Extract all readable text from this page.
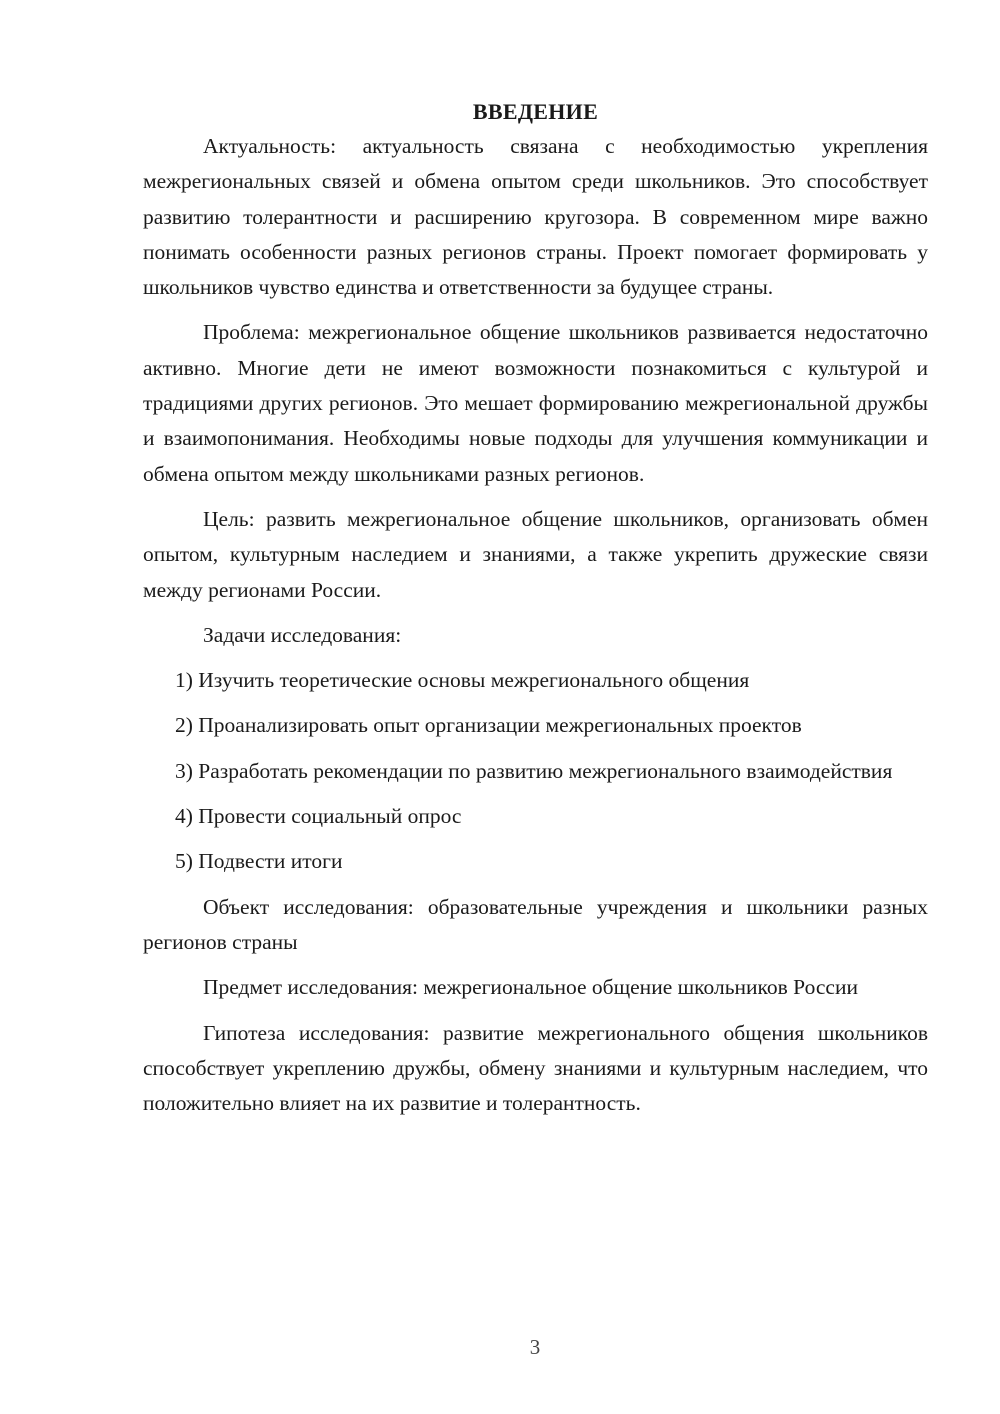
ВВЕДЕНИЕ

Актуальность: актуальность связана с необходимостью укрепления межрегиональных связей и обмена опытом среди школьников. Это способствует развитию толерантности и расширению кругозора. В современном мире важно понимать особенности разных регионов страны. Проект помогает формировать у школьников чувство единства и ответственности за будущее страны.

Проблема: межрегиональное общение школьников развивается недостаточно активно. Многие дети не имеют возможности познакомиться с культурой и традициями других регионов. Это мешает формированию межрегиональной дружбы и взаимопонимания. Необходимы новые подходы для улучшения коммуникации и обмена опытом между школьниками разных регионов.

Цель: развить межрегиональное общение школьников, организовать обмен опытом, культурным наследием и знаниями, а также укрепить дружеские связи между регионами России.

Задачи исследования:

1) Изучить теоретические основы межрегионального общения

2) Проанализировать опыт организации межрегиональных проектов

3) Разработать рекомендации по развитию межрегионального взаимодействия

4) Провести социальный опрос

5) Подвести итоги

Объект исследования: образовательные учреждения и школьники разных регионов страны

Предмет исследования: межрегиональное общение школьников России

Гипотеза исследования: развитие межрегионального общения школьников способствует укреплению дружбы, обмену знаниями и культурным наследием, что положительно влияет на их развитие и толерантность.

3
